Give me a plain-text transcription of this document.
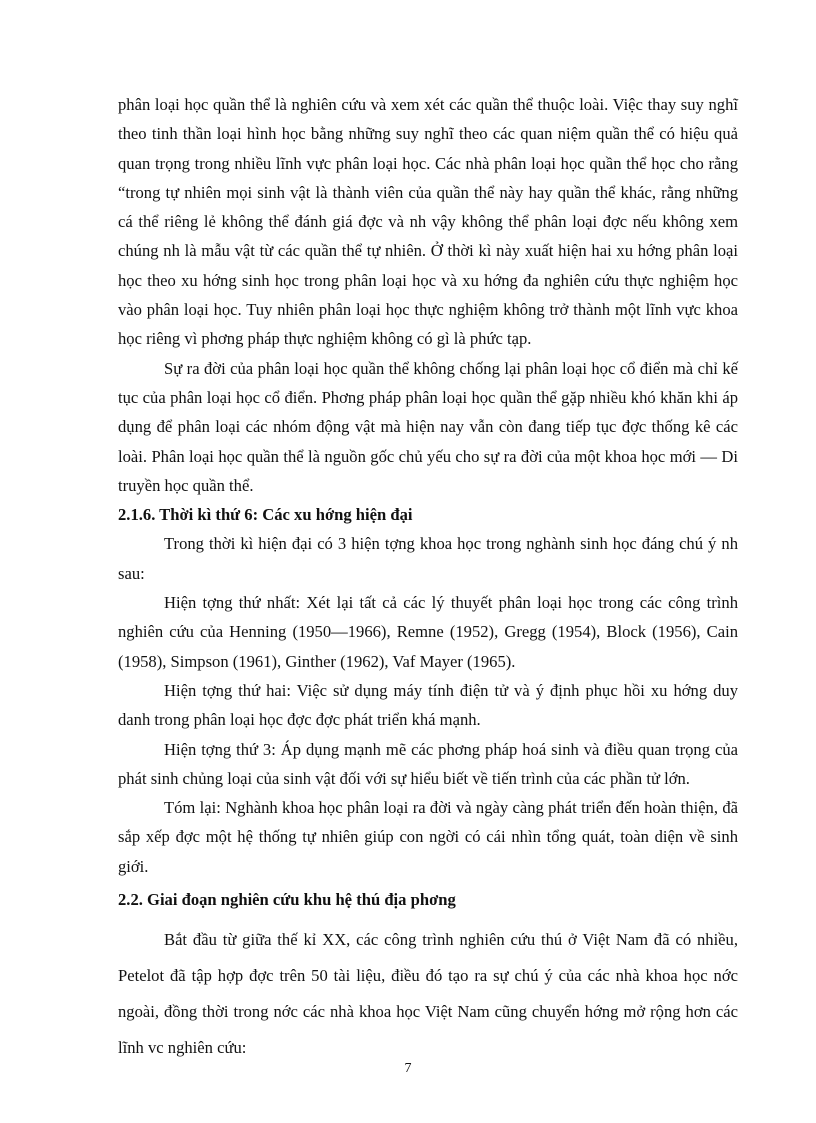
phân loại học quần thể là nghiên cứu và xem xét các quần thể thuộc loài. Việc thay suy nghĩ theo tinh thần loại hình học bằng những suy nghĩ theo các quan niệm quần thể có hiệu quả quan trọng trong nhiều lĩnh vực phân loại học. Các nhà phân loại học quần thể học cho rằng “trong tự nhiên mọi sinh vật là thành viên của quần thể này hay quần thể khác, rằng những cá thể riêng lẻ không thể đánh giá đợc và nh vậy không thể phân loại đợc nếu không xem chúng nh là mẫu vật từ các quần thể tự nhiên. Ở thời kì này xuất hiện hai xu hớng phân loại học theo xu hớng sinh học trong phân loại học và xu hớng đa nghiên cứu thực nghiệm học vào phân loại học. Tuy nhiên phân loại học thực nghiệm không trở thành một lĩnh vực khoa học riêng vì phơng pháp thực nghiệm không có gì là phức tạp.

Sự ra đời của phân loại học quần thể không chống lại phân loại học cổ điển mà chỉ kế tục của phân loại học cổ điển. Phơng pháp phân loại học quần thể gặp nhiều khó khăn khi áp dụng để phân loại các nhóm động vật mà hiện nay vẫn còn đang tiếp tục đợc thống kê các loài. Phân loại học quần thể là nguồn gốc chủ yếu cho sự ra đời của một khoa học mới — Di truyền học quần thể.

2.1.6. Thời kì thứ 6: Các xu hớng hiện đại

Trong thời kì hiện đại có 3 hiện tợng khoa học trong nghành sinh học đáng chú ý nh sau:

Hiện tợng thứ nhất: Xét lại tất cả các lý thuyết phân loại học trong các công trình nghiên cứu của Henning (1950—1966), Remne (1952), Gregg (1954), Block (1956), Cain (1958), Simpson (1961), Ginther (1962), Vaf Mayer (1965).

Hiện tợng thứ hai: Việc sử dụng máy tính điện tử và ý định phục hồi xu hớng duy danh trong phân loại học đợc đợc phát triển khá mạnh.

Hiện tợng thứ 3: Áp dụng mạnh mẽ các phơng pháp hoá sinh và điều quan trọng của phát sinh chủng loại của sinh vật đối với sự hiểu biết về tiến trình của các phần tử lớn.

Tóm lại: Nghành khoa học phân loại ra đời và ngày càng phát triển đến hoàn thiện, đã sắp xếp đợc một hệ thống tự nhiên giúp con ngời có cái nhìn tổng quát, toàn diện về sinh giới.

2.2. Giai đoạn nghiên cứu khu hệ thú địa phơng

Bắt đầu từ giữa thế kỉ XX, các công trình nghiên cứu thú ở Việt Nam đã có nhiều, Petelot đã tập hợp đợc trên 50 tài liệu, điều đó tạo ra sự chú ý của các nhà khoa học nớc ngoài, đồng thời trong nớc các nhà khoa học Việt Nam cũng chuyển hớng mở rộng hơn các lĩnh vc nghiên cứu:

7
